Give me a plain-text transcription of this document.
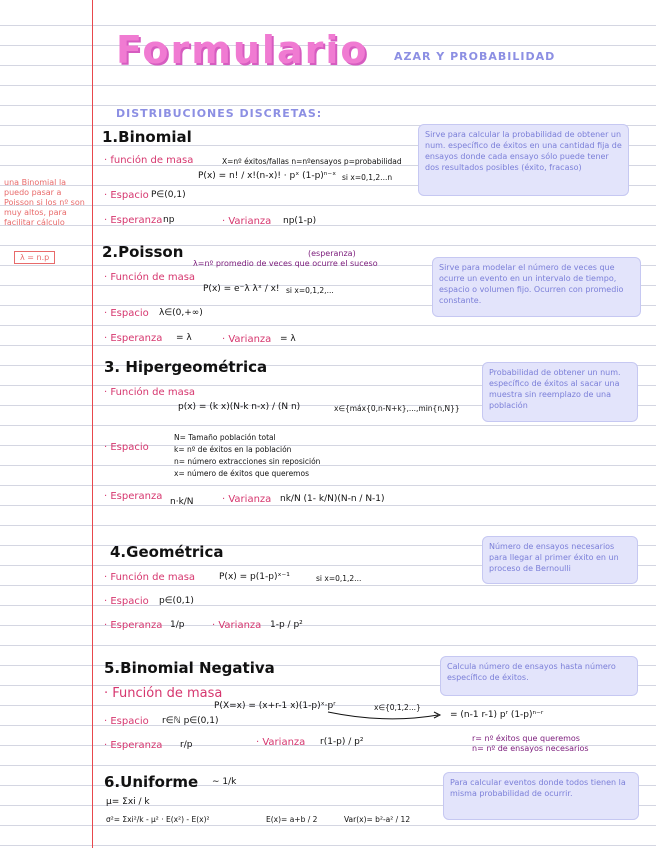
Formulario AZAR Y PROBABILIDAD
DISTRIBUCIONES DISCRETAS:
una Binomial la puedo pasar a Poisson si los nº son muy altos, para facilitar cálculo
λ = n.p
1.Binomial
· función de masa	X=nº éxitos/fallas n=nºensayos p=probabilidad
P(x) = n! / x!(n-x)! · pˣ (1-p)ⁿ⁻ˣ si x=0,1,2...n
· Espacio P∈(0,1)
· Esperanza np	· Varianza np(1-p)
Sirve para calcular la probabilidad de obtener un num. específico de éxitos en una cantidad fija de ensayos donde cada ensayo sólo puede tener dos resultados posibles (éxito, fracaso)
2.Poisson	(esperanza)
λ=nº promedio de veces que ocurre el suceso
· Función de masa
P(x) = e⁻λ λˣ / x! si x=0,1,2,...
· Espacio λ∈(0,+∞)
· Esperanza = λ	· Varianza = λ
Sirve para modelar el número de veces que ocurre un evento en un intervalo de tiempo, espacio o volumen fijo. Ocurren con promedio constante.
3. Hipergeométrica
· Función de masa
p(x) = (k x)(N-k n-x) / (N n)	x∈{máx{0,n-N+k},...,min{n,N}}
· Espacio
N= Tamaño población total
k= nº de éxitos en la población
n= número extracciones sin reposición
x= número de éxitos que queremos
· Esperanza n·k/N	· Varianza nk/N (1- k/N)(N-n / N-1)
Probabilidad de obtener un num. específico de éxitos al sacar una muestra sin reemplazo de una población
4.Geométrica
· Función de masa	P(x) = p(1-p)ˣ⁻¹	si x=0,1,2...
· Espacio p∈(0,1)
· Esperanza 1/p	· Varianza 1-p / p²
Número de ensayos necesarios para llegar al primer éxito en un proceso de Bernoulli
5.Binomial Negativa
· Función de masa
P(X=x) = (x+r-1 x)(1-p)ˣ·pʳ	x∈{0,1,2...}
= (n-1 r-1) pʳ (1-p)ⁿ⁻ʳ
· Espacio r∈ℕ p∈(0,1)
· Esperanza r/p	· Varianza r(1-p) / p²	r= nº éxitos que queremos
n= nº de ensayos necesarios
Calcula número de ensayos hasta número específico de éxitos.
6.Uniforme ∼ 1/k
μ= Σxi / k
σ²= Σxi²/k - μ² · E(x²) - E(x)²	E(x)= a+b / 2	Var(x)= b²-a² / 12
Para calcular eventos donde todos tienen la misma probabilidad de ocurrir.
